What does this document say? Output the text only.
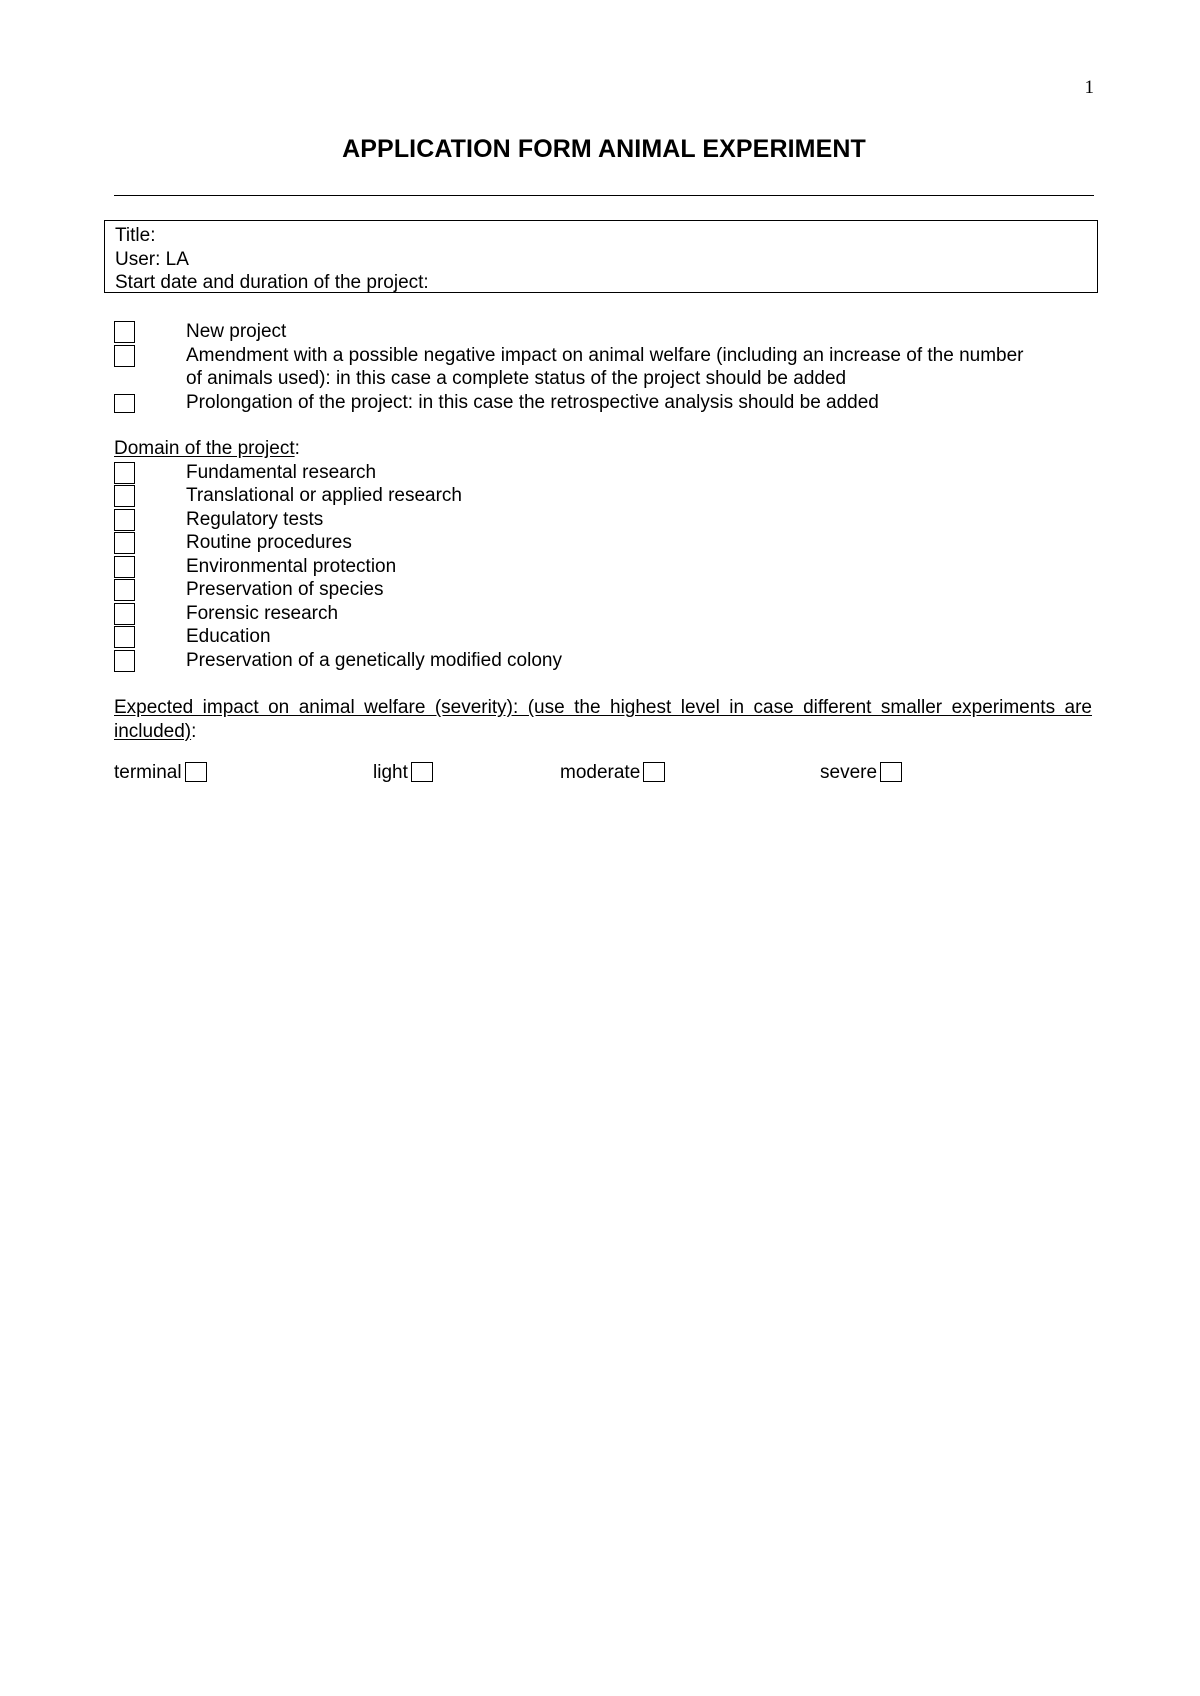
1
APPLICATION FORM ANIMAL EXPERIMENT
Title:
User: LA
Start date and duration of the project:
New project
Amendment with a possible negative impact on animal welfare (including an increase of the number
of animals used): in this case a complete status of the project should be added
Prolongation of the project: in this case the retrospective analysis should be added
Domain of the project:
Fundamental research
Translational or applied research
Regulatory tests
Routine procedures
Environmental protection
Preservation of species
Forensic research
Education
Preservation of a genetically modified colony
Expected impact on animal welfare (severity): (use the highest level in case different smaller experiments are included):
terminal	light	moderate	severe
